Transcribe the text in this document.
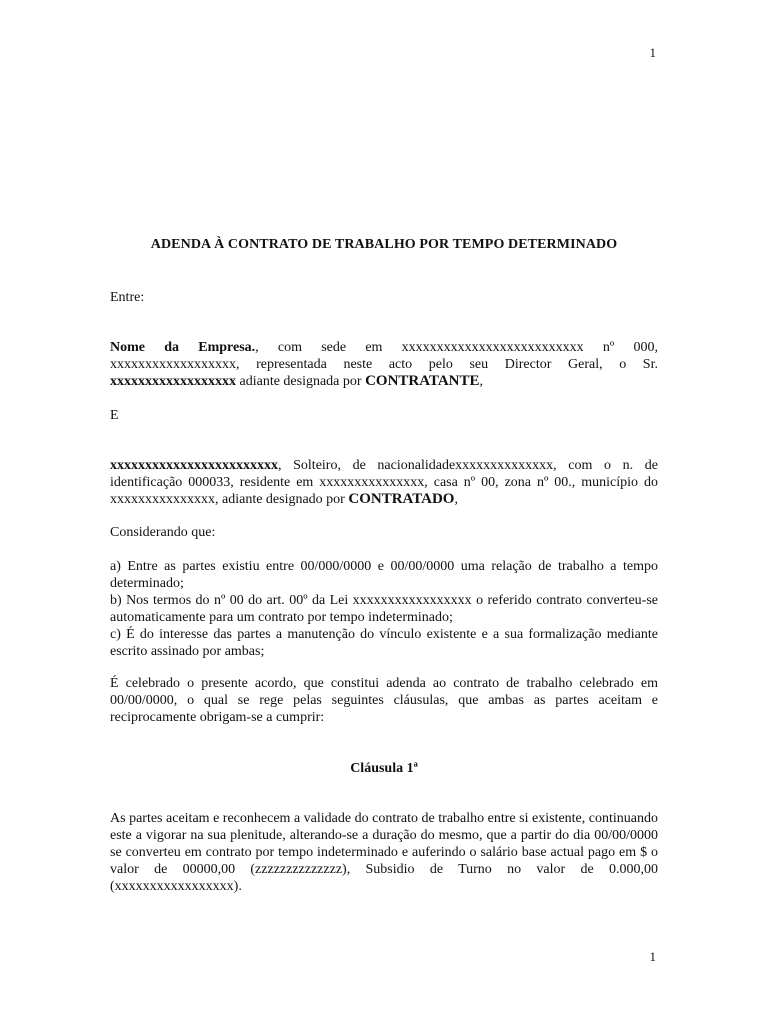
1
ADENDA À CONTRATO DE TRABALHO POR TEMPO DETERMINADO

Entre:

Nome da Empresa., com sede em xxxxxxxxxxxxxxxxxxxxxxxxxx nº 000, xxxxxxxxxxxxxxxxxx, representada neste acto pelo seu Director Geral, o Sr. xxxxxxxxxxxxxxxxxx adiante designada por CONTRATANTE,

E

xxxxxxxxxxxxxxxxxxxxxxxx, Solteiro, de nacionalidadexxxxxxxxxxxxxx, com o n. de identificação 000033, residente em xxxxxxxxxxxxxxx, casa nº 00, zona nº 00., município do xxxxxxxxxxxxxxx, adiante designado por CONTRATADO,

Considerando que:

a) Entre as partes existiu entre 00/000/0000 e 00/00/0000 uma relação de trabalho a tempo determinado;

b) Nos termos do nº 00 do art. 00º da Lei xxxxxxxxxxxxxxxxx o referido contrato converteu-se automaticamente para um contrato por tempo indeterminado;

c) É do interesse das partes a manutenção do vínculo existente e a sua formalização mediante escrito assinado por ambas;

É celebrado o presente acordo, que constitui adenda ao contrato de trabalho celebrado em 00/00/0000, o qual se rege pelas seguintes cláusulas, que ambas as partes aceitam e reciprocamente obrigam-se a cumprir:

Cláusula 1ª

As partes aceitam e reconhecem a validade do contrato de trabalho entre si existente, continuando este a vigorar na sua plenitude, alterando-se a duração do mesmo, que a partir do dia 00/00/0000 se converteu em contrato por tempo indeterminado e auferindo o salário base actual pago em $ o valor de 00000,00 (zzzzzzzzzzzzzz), Subsidio de Turno no valor de 0.000,00 (xxxxxxxxxxxxxxxxx).

1
